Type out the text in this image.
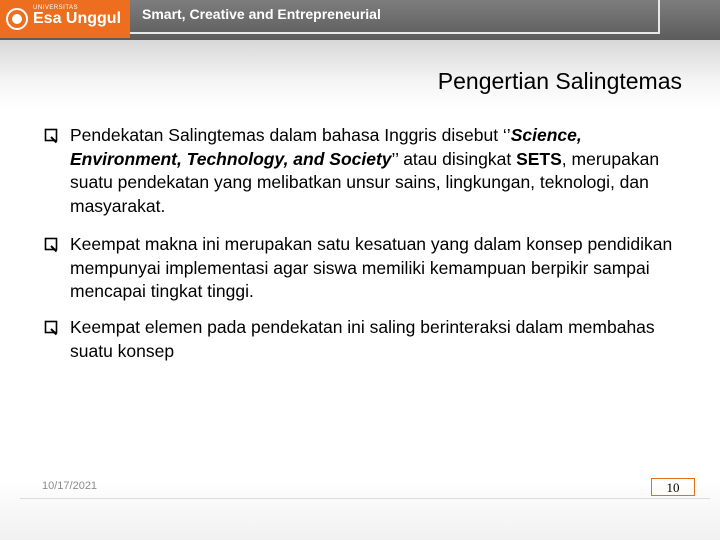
UNIVERSITAS
Esa Unggul Smart, Creative and Entrepreneurial
Pengertian Salingtemas
Pendekatan Salingtemas dalam bahasa Inggris disebut ‘’Science, Environment, Technology, and Society’’ atau disingkat SETS, merupakan suatu pendekatan yang melibatkan unsur sains, lingkungan, teknologi, dan masyarakat.
Keempat makna ini merupakan satu kesatuan yang dalam konsep pendidikan mempunyai implementasi agar siswa memiliki kemampuan berpikir sampai mencapai tingkat tinggi.
Keempat elemen pada pendekatan ini saling berinteraksi dalam membahas suatu konsep
10/17/2021	10
